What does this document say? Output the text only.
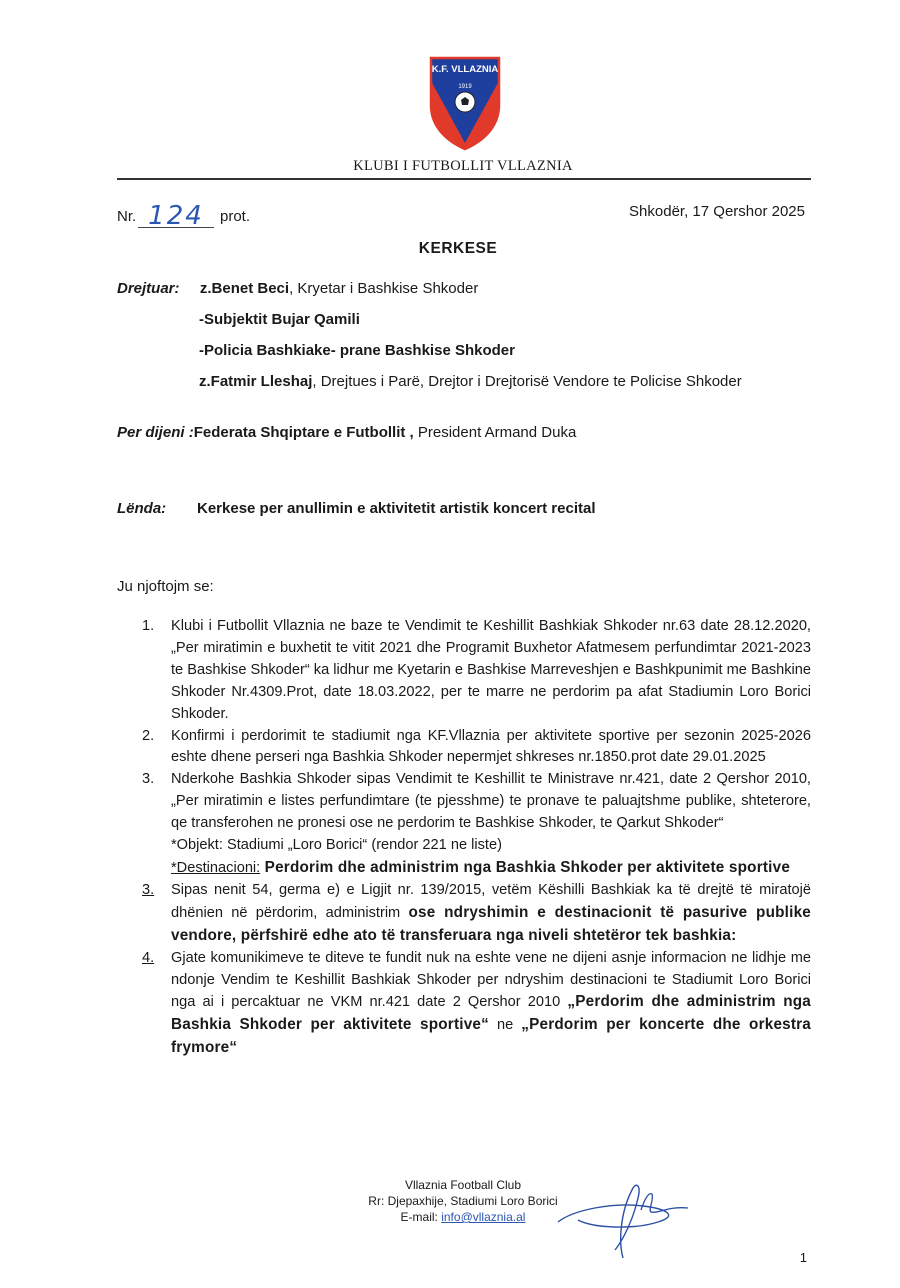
K.F. VLLAZNIA
1919
KLUBI I FUTBOLLIT VLLAZNIA
Nr. 124 prot.	Shkodër, 17 Qershor 2025
KERKESE
Drejtuar: z.Benet Beci, Kryetar i Bashkise Shkoder
-Subjektit Bujar Qamili
-Policia Bashkiake- prane Bashkise Shkoder
z.Fatmir Lleshaj, Drejtues i Parë, Drejtor i Drejtorisë Vendore te Policise Shkoder
Per dijeni :Federata Shqiptare e Futbollit , President Armand Duka
Lënda: Kerkese per anullimin e aktivitetit artistik koncert recital
Ju njoftojm se:
1. Klubi i Futbollit Vllaznia ne baze te Vendimit te Keshillit Bashkiak Shkoder nr.63 date 28.12.2020, „Per miratimin e buxhetit te vitit 2021 dhe Programit Buxhetor Afatmesem perfundimtar 2021-2023 te Bashkise Shkoder“ ka lidhur me Kyetarin e Bashkise Marreveshjen e Bashkpunimit me Bashkine Shkoder Nr.4309.Prot, date 18.03.2022, per te marre ne perdorim pa afat Stadiumin Loro Borici Shkoder.
2. Konfirmi i perdorimit te stadiumit nga KF.Vllaznia per aktivitete sportive per sezonin 2025-2026 eshte dhene perseri nga Bashkia Shkoder nepermjet shkreses nr.1850.prot date 29.01.2025
3. Nderkohe Bashkia Shkoder sipas Vendimit te Keshillit te Ministrave nr.421, date 2 Qershor 2010, „Per miratimin e listes perfundimtare (te pjesshme) te pronave te paluajtshme publike, shteterore, qe transferohen ne pronesi ose ne perdorim te Bashkise Shkoder, te Qarkut Shkoder“
*Objekt: Stadiumi „Loro Borici“ (rendor 221 ne liste)
*Destinacioni: Perdorim dhe administrim nga Bashkia Shkoder per aktivitete sportive
3. Sipas nenit 54, germa e) e Ligjit nr. 139/2015, vetëm Këshilli Bashkiak ka të drejtë të miratojë dhënien në përdorim, administrim ose ndryshimin e destinacionit të pasurive publike vendore, përfshirë edhe ato të transferuara nga niveli shtetëror tek bashkia:
4. Gjate komunikimeve te diteve te fundit nuk na eshte vene ne dijeni asnje informacion ne lidhje me ndonje Vendim te Keshillit Bashkiak Shkoder per ndryshim destinacioni te Stadiumit Loro Borici nga ai i percaktuar ne VKM nr.421 date 2 Qershor 2010 „Perdorim dhe administrim nga Bashkia Shkoder per aktivitete sportive“ ne „Perdorim per koncerte dhe orkestra frymore“
Vllaznia Football Club
Rr: Djepaxhije, Stadiumi Loro Borici
E-mail: info@vllaznia.al
1
